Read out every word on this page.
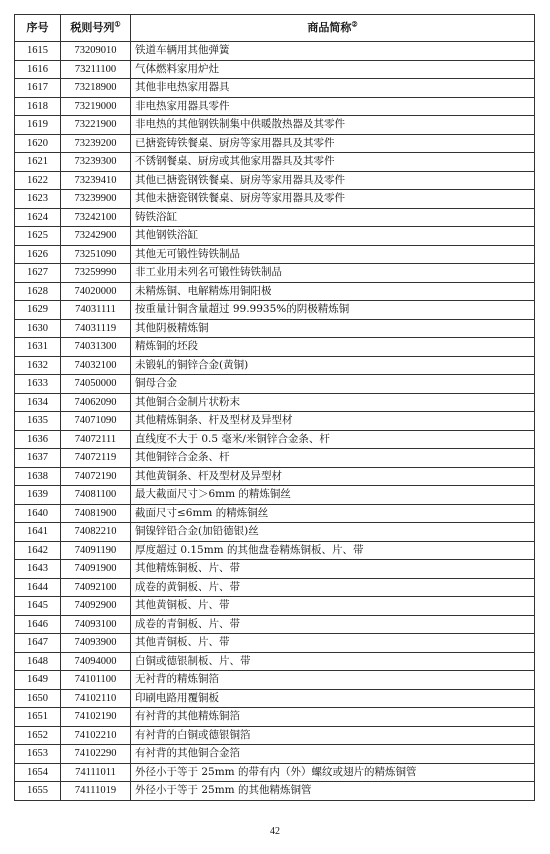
序号	税则号列①	商品简称②
1615	73209010	铁道车辆用其他弹簧
1616	73211100	气体燃料家用炉灶
1617	73218900	其他非电热家用器具
1618	73219000	非电热家用器具零件
1619	73221900	非电热的其他钢铁制集中供暖散热器及其零件
1620	73239200	已搪瓷铸铁餐桌、厨房等家用器具及其零件
1621	73239300	不锈钢餐桌、厨房或其他家用器具及其零件
1622	73239410	其他已搪瓷钢铁餐桌、厨房等家用器具及零件
1623	73239900	其他未搪瓷钢铁餐桌、厨房等家用器具及零件
1624	73242100	铸铁浴缸
1625	73242900	其他钢铁浴缸
1626	73251090	其他无可锻性铸铁制品
1627	73259990	非工业用未列名可锻性铸铁制品
1628	74020000	未精炼铜、电解精炼用铜阳极
1629	74031111	按重量计铜含量超过 99.9935%的阴极精炼铜
1630	74031119	其他阴极精炼铜
1631	74031300	精炼铜的坯段
1632	74032100	未锻轧的铜锌合金(黄铜)
1633	74050000	铜母合金
1634	74062090	其他铜合金制片状粉末
1635	74071090	其他精炼铜条、杆及型材及异型材
1636	74072111	直线度不大于 0.5 毫米/米铜锌合金条、杆
1637	74072119	其他铜锌合金条、杆
1638	74072190	其他黄铜条、杆及型材及异型材
1639	74081100	最大截面尺寸＞6mm 的精炼铜丝
1640	74081900	截面尺寸≤6mm 的精炼铜丝
1641	74082210	铜镍锌铅合金(加铅德银)丝
1642	74091190	厚度超过 0.15mm 的其他盘卷精炼铜板、片、带
1643	74091900	其他精炼铜板、片、带
1644	74092100	成卷的黄铜板、片、带
1645	74092900	其他黄铜板、片、带
1646	74093100	成卷的青铜板、片、带
1647	74093900	其他青铜板、片、带
1648	74094000	白铜或德银制板、片、带
1649	74101100	无衬背的精炼铜箔
1650	74102110	印刷电路用覆铜板
1651	74102190	有衬背的其他精炼铜箔
1652	74102210	有衬背的白铜或德银铜箔
1653	74102290	有衬背的其他铜合金箔
1654	74111011	外径小于等于 25mm 的带有内（外）螺纹或翅片的精炼铜管
1655	74111019	外径小于等于 25mm 的其他精炼铜管
42
